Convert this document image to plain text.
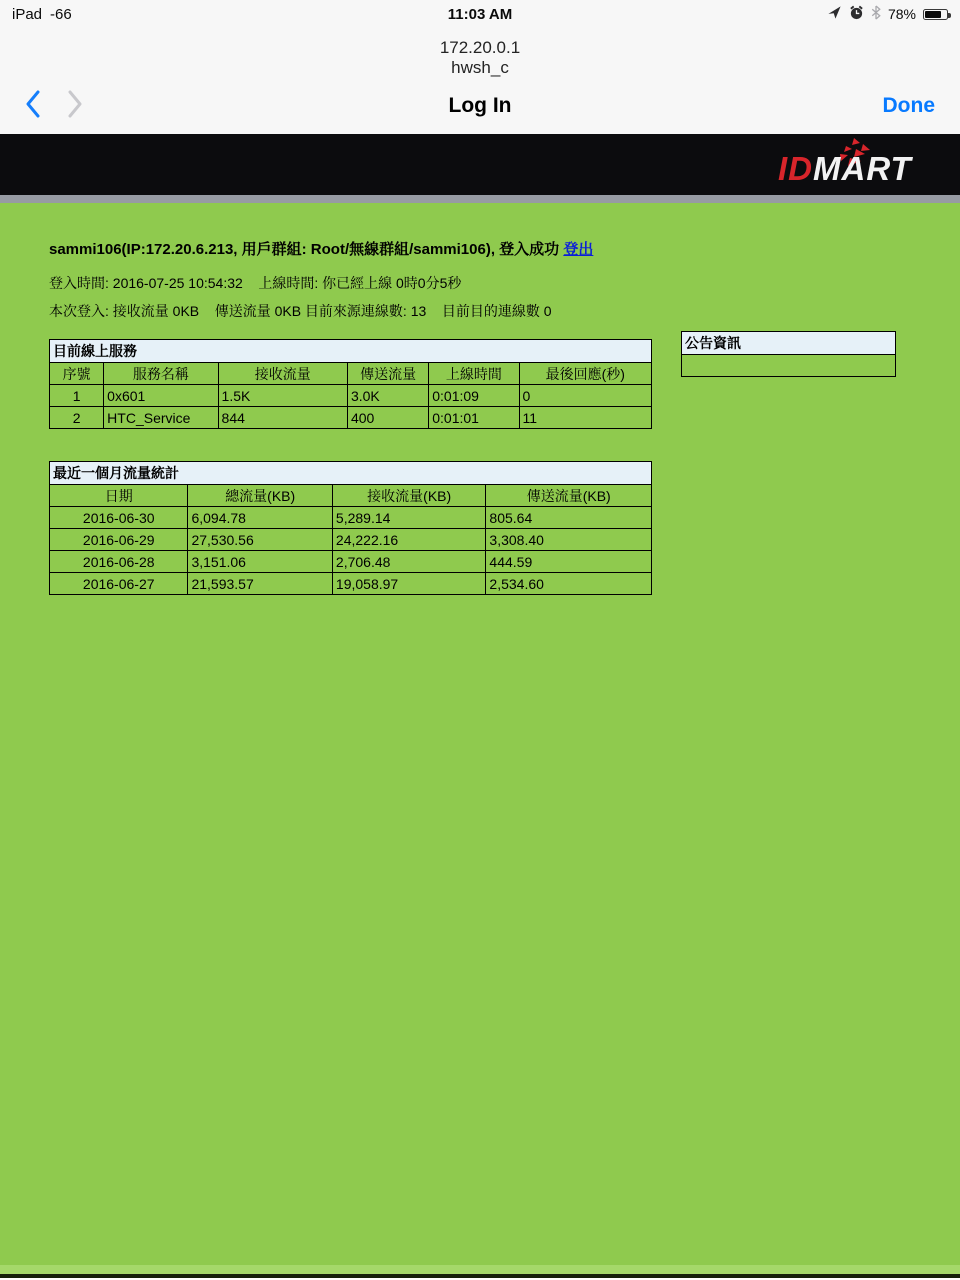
iPad -66	11:03 AM	78%
172.20.0.1
hwsh_c
Log In	Done
IDMART
sammi106(IP:172.20.6.213, 用戶群組: Root/無線群組/sammi106), 登入成功 登出
登入時間: 2016-07-25 10:54:32    上線時間: 你已經上線 0時0分5秒
本次登入: 接收流量 0KB    傳送流量 0KB 目前來源連線數: 13    目前目的連線數 0
目前線上服務					
序號	服務名稱	接收流量	傳送流量	上線時間	最後回應(秒)
1	0x601	1.5K	3.0K	0:01:09	0
2	HTC_Service	844	400	0:01:01	11
公告資訊

最近一個月流量統計			
日期	總流量(KB)	接收流量(KB)	傳送流量(KB)
2016-06-30	6,094.78	5,289.14	805.64
2016-06-29	27,530.56	24,222.16	3,308.40
2016-06-28	3,151.06	2,706.48	444.59
2016-06-27	21,593.57	19,058.97	2,534.60
